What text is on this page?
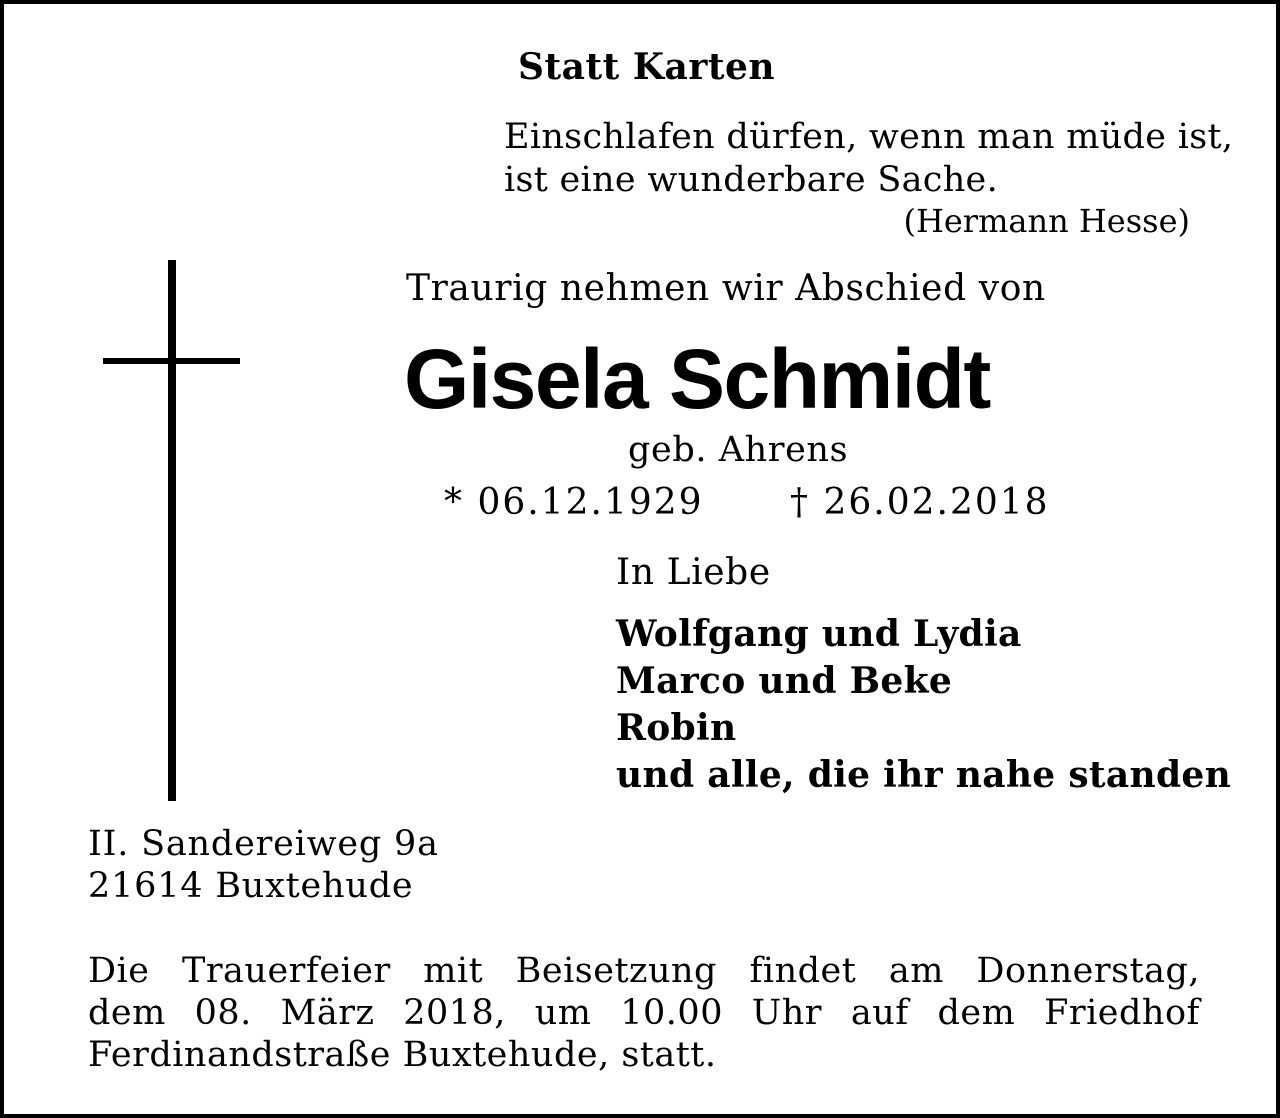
Statt Karten
Einschlafen dürfen, wenn man müde ist,
ist eine wunderbare Sache.
(Hermann Hesse)
Traurig nehmen wir Abschied von
Gisela Schmidt
geb. Ahrens
* 06.12.1929 † 26.02.2018
In Liebe
Wolfgang und Lydia
Marco und Beke
Robin
und alle, die ihr nahe standen
II. Sandereiweg 9a
21614 Buxtehude
Die Trauerfeier mit Beisetzung findet am Donnerstag,
dem 08. März 2018, um 10.00 Uhr auf dem Friedhof
Ferdinandstraße Buxtehude, statt.
